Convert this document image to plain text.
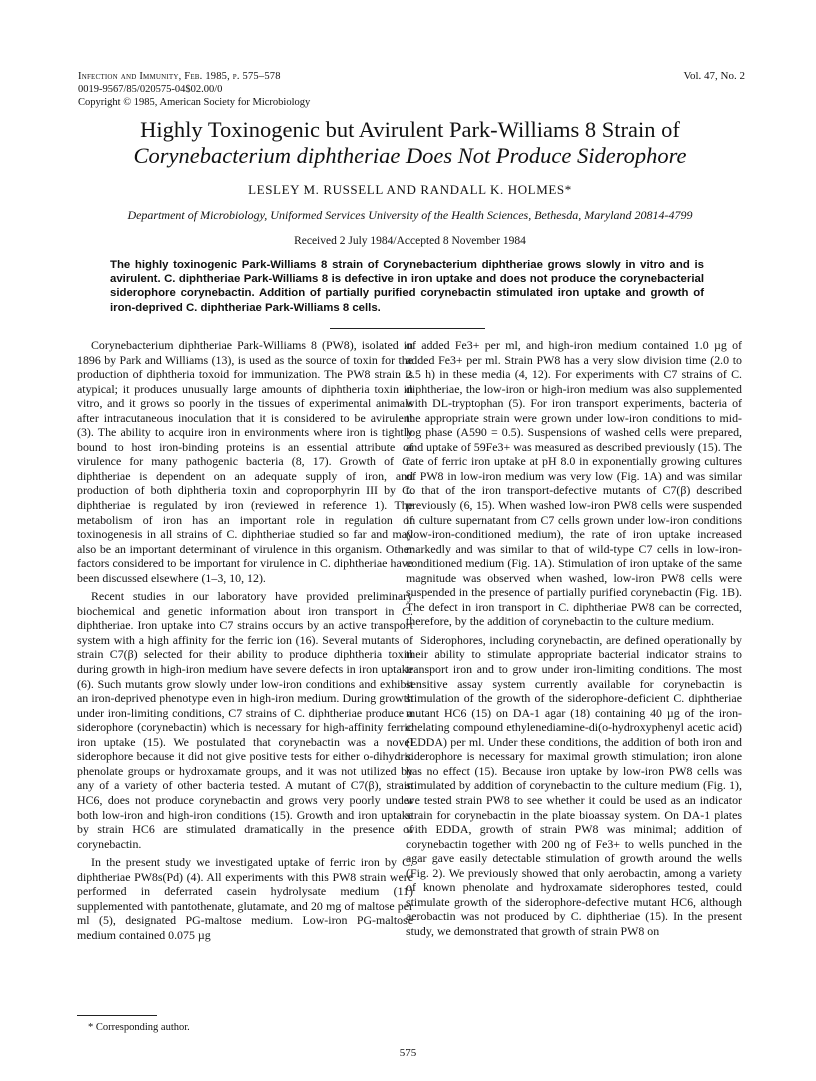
Infection and Immunity, Feb. 1985, p. 575–578
0019-9567/85/020575-04$02.00/0
Copyright © 1985, American Society for Microbiology
Vol. 47, No. 2
Highly Toxinogenic but Avirulent Park-Williams 8 Strain of
Corynebacterium diphtheriae Does Not Produce Siderophore
LESLEY M. RUSSELL AND RANDALL K. HOLMES*
Department of Microbiology, Uniformed Services University of the Health Sciences, Bethesda, Maryland 20814-4799
Received 2 July 1984/Accepted 8 November 1984
The highly toxinogenic Park-Williams 8 strain of Corynebacterium diphtheriae grows slowly in vitro and is avirulent. C. diphtheriae Park-Williams 8 is defective in iron uptake and does not produce the corynebacterial siderophore corynebactin. Addition of partially purified corynebactin stimulated iron uptake and growth of iron-deprived C. diphtheriae Park-Williams 8 cells.

Corynebacterium diphtheriae Park-Williams 8 (PW8), isolated in 1896 by Park and Williams (13), is used as the source of toxin for the production of diphtheria toxoid for immunization. The PW8 strain is atypical; it produces unusually large amounts of diphtheria toxin in vitro, and it grows so poorly in the tissues of experimental animals after intracutaneous inoculation that it is considered to be avirulent (3). The ability to acquire iron in environments where iron is tightly bound to host iron-binding proteins is an essential attribute of virulence for many pathogenic bacteria (8, 17). Growth of C. diphtheriae is dependent on an adequate supply of iron, and production of both diphtheria toxin and coproporphyrin III by C. diphtheriae is regulated by iron (reviewed in reference 1). The metabolism of iron has an important role in regulation of toxinogenesis in all strains of C. diphtheriae studied so far and may also be an important determinant of virulence in this organism. Other factors considered to be important for virulence in C. diphtheriae have been discussed elsewhere (1–3, 10, 12).

Recent studies in our laboratory have provided preliminary biochemical and genetic information about iron transport in C. diphtheriae. Iron uptake into C7 strains occurs by an active transport system with a high affinity for the ferric ion (16). Several mutants of strain C7(β) selected for their ability to produce diphtheria toxin during growth in high-iron medium have severe defects in iron uptake (6). Such mutants grow slowly under low-iron conditions and exhibit an iron-deprived phenotype even in high-iron medium. During growth under iron-limiting conditions, C7 strains of C. diphtheriae produce a siderophore (corynebactin) which is necessary for high-affinity ferric iron uptake (15). We postulated that corynebactin was a novel siderophore because it did not give positive tests for either o-dihydric phenolate groups or hydroxamate groups, and it was not utilized by any of a variety of other bacteria tested. A mutant of C7(β), strain HC6, does not produce corynebactin and grows very poorly under both low-iron and high-iron conditions (15). Growth and iron uptake by strain HC6 are stimulated dramatically in the presence of corynebactin.

In the present study we investigated uptake of ferric iron by C. diphtheriae PW8s(Pd) (4). All experiments with this PW8 strain were performed in deferrated casein hydrolysate medium (11) supplemented with pantothenate, glutamate, and 20 mg of maltose per ml (5), designated PG-maltose medium. Low-iron PG-maltose medium contained 0.075 µg

of added Fe3+ per ml, and high-iron medium contained 1.0 µg of added Fe3+ per ml. Strain PW8 has a very slow division time (2.0 to 2.5 h) in these media (4, 12). For experiments with C7 strains of C. diphtheriae, the low-iron or high-iron medium was also supplemented with DL-tryptophan (5). For iron transport experiments, bacteria of the appropriate strain were grown under low-iron conditions to mid-log phase (A590 = 0.5). Suspensions of washed cells were prepared, and uptake of 59Fe3+ was measured as described previously (15). The rate of ferric iron uptake at pH 8.0 in exponentially growing cultures of PW8 in low-iron medium was very low (Fig. 1A) and was similar to that of the iron transport-defective mutants of C7(β) described previously (6, 15). When washed low-iron PW8 cells were suspended in culture supernatant from C7 cells grown under low-iron conditions (low-iron-conditioned medium), the rate of iron uptake increased markedly and was similar to that of wild-type C7 cells in low-iron-conditioned medium (Fig. 1A). Stimulation of iron uptake of the same magnitude was observed when washed, low-iron PW8 cells were suspended in the presence of partially purified corynebactin (Fig. 1B). The defect in iron transport in C. diphtheriae PW8 can be corrected, therefore, by the addition of corynebactin to the culture medium.

Siderophores, including corynebactin, are defined operationally by their ability to stimulate appropriate bacterial indicator strains to transport iron and to grow under iron-limiting conditions. The most sensitive assay system currently available for corynebactin is stimulation of the growth of the siderophore-deficient C. diphtheriae mutant HC6 (15) on DA-1 agar (18) containing 40 µg of the iron-chelating compound ethylenediamine-di(o-hydroxyphenyl acetic acid) (EDDA) per ml. Under these conditions, the addition of both iron and siderophore is necessary for maximal growth stimulation; iron alone has no effect (15). Because iron uptake by low-iron PW8 cells was stimulated by addition of corynebactin to the culture medium (Fig. 1), we tested strain PW8 to see whether it could be used as an indicator strain for corynebactin in the plate bioassay system. On DA-1 plates with EDDA, growth of strain PW8 was minimal; addition of corynebactin together with 200 ng of Fe3+ to wells punched in the agar gave easily detectable stimulation of growth around the wells (Fig. 2). We previously showed that only aerobactin, among a variety of known phenolate and hydroxamate siderophores tested, could stimulate growth of the siderophore-defective mutant HC6, although aerobactin was not produced by C. diphtheriae (15). In the present study, we demonstrated that growth of strain PW8 on

* Corresponding author.
575
